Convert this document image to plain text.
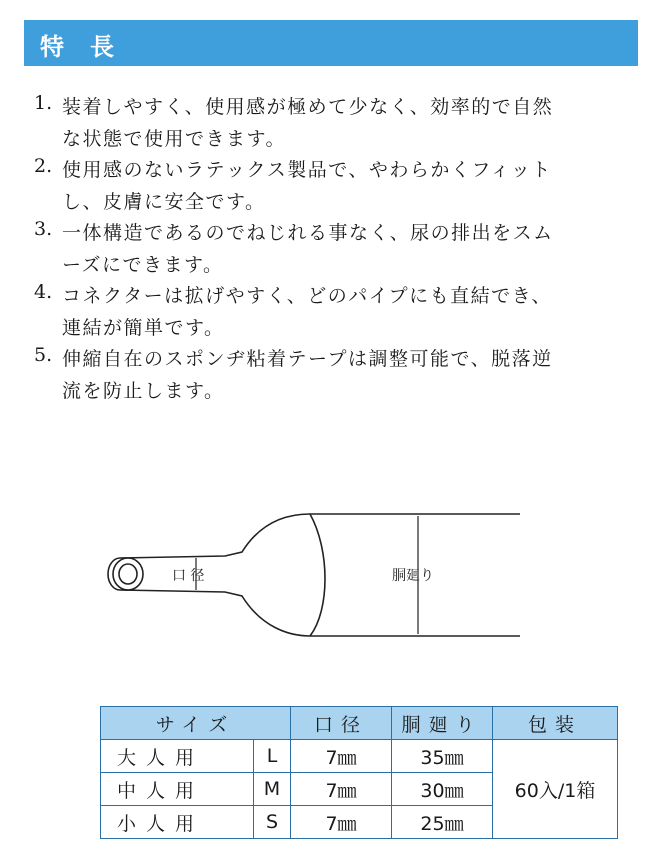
特長
1. 装着しやすく、使用感が極めて少なく、効率的で自然
な状態で使用できます。
2. 使用感のないラテックス製品で、やわらかくフィット
し、皮膚に安全です。
3. 一体構造であるのでねじれる事なく、尿の排出をスム
ーズにできます。
4. コネクターは拡げやすく、どのパイプにも直結でき、
連結が簡単です。
5. 伸縮自在のスポンヂ粘着テープは調整可能で、脱落逆
流を防止します。
口 径	胴廻り
サイズ		口径	胴廻り	包装
大人用	L	7㎜	35㎜	60入/1箱
中人用	M	7㎜	30㎜	
小人用	S	7㎜	25㎜	
